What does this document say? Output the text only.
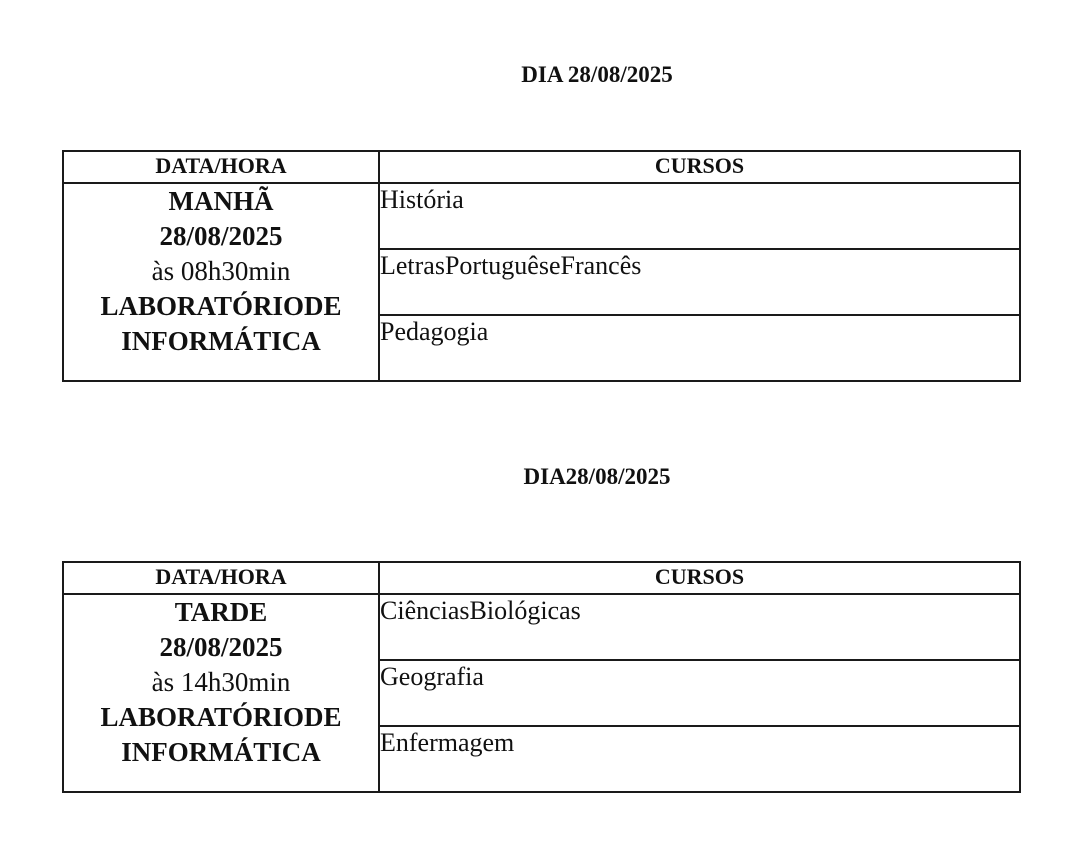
DIA 28/08/2025
DATA/HORA	CURSOS

MANHÃ
28/08/2025
às 08h30min
LABORATÓRIODE
INFORMÁTICA	História
	LetrasPortuguêseFrancês
	Pedagogia
DIA28/08/2025
DATA/HORA	CURSOS

TARDE
28/08/2025
às 14h30min
LABORATÓRIODE
INFORMÁTICA	CiênciasBiológicas
	Geografia
	Enfermagem
